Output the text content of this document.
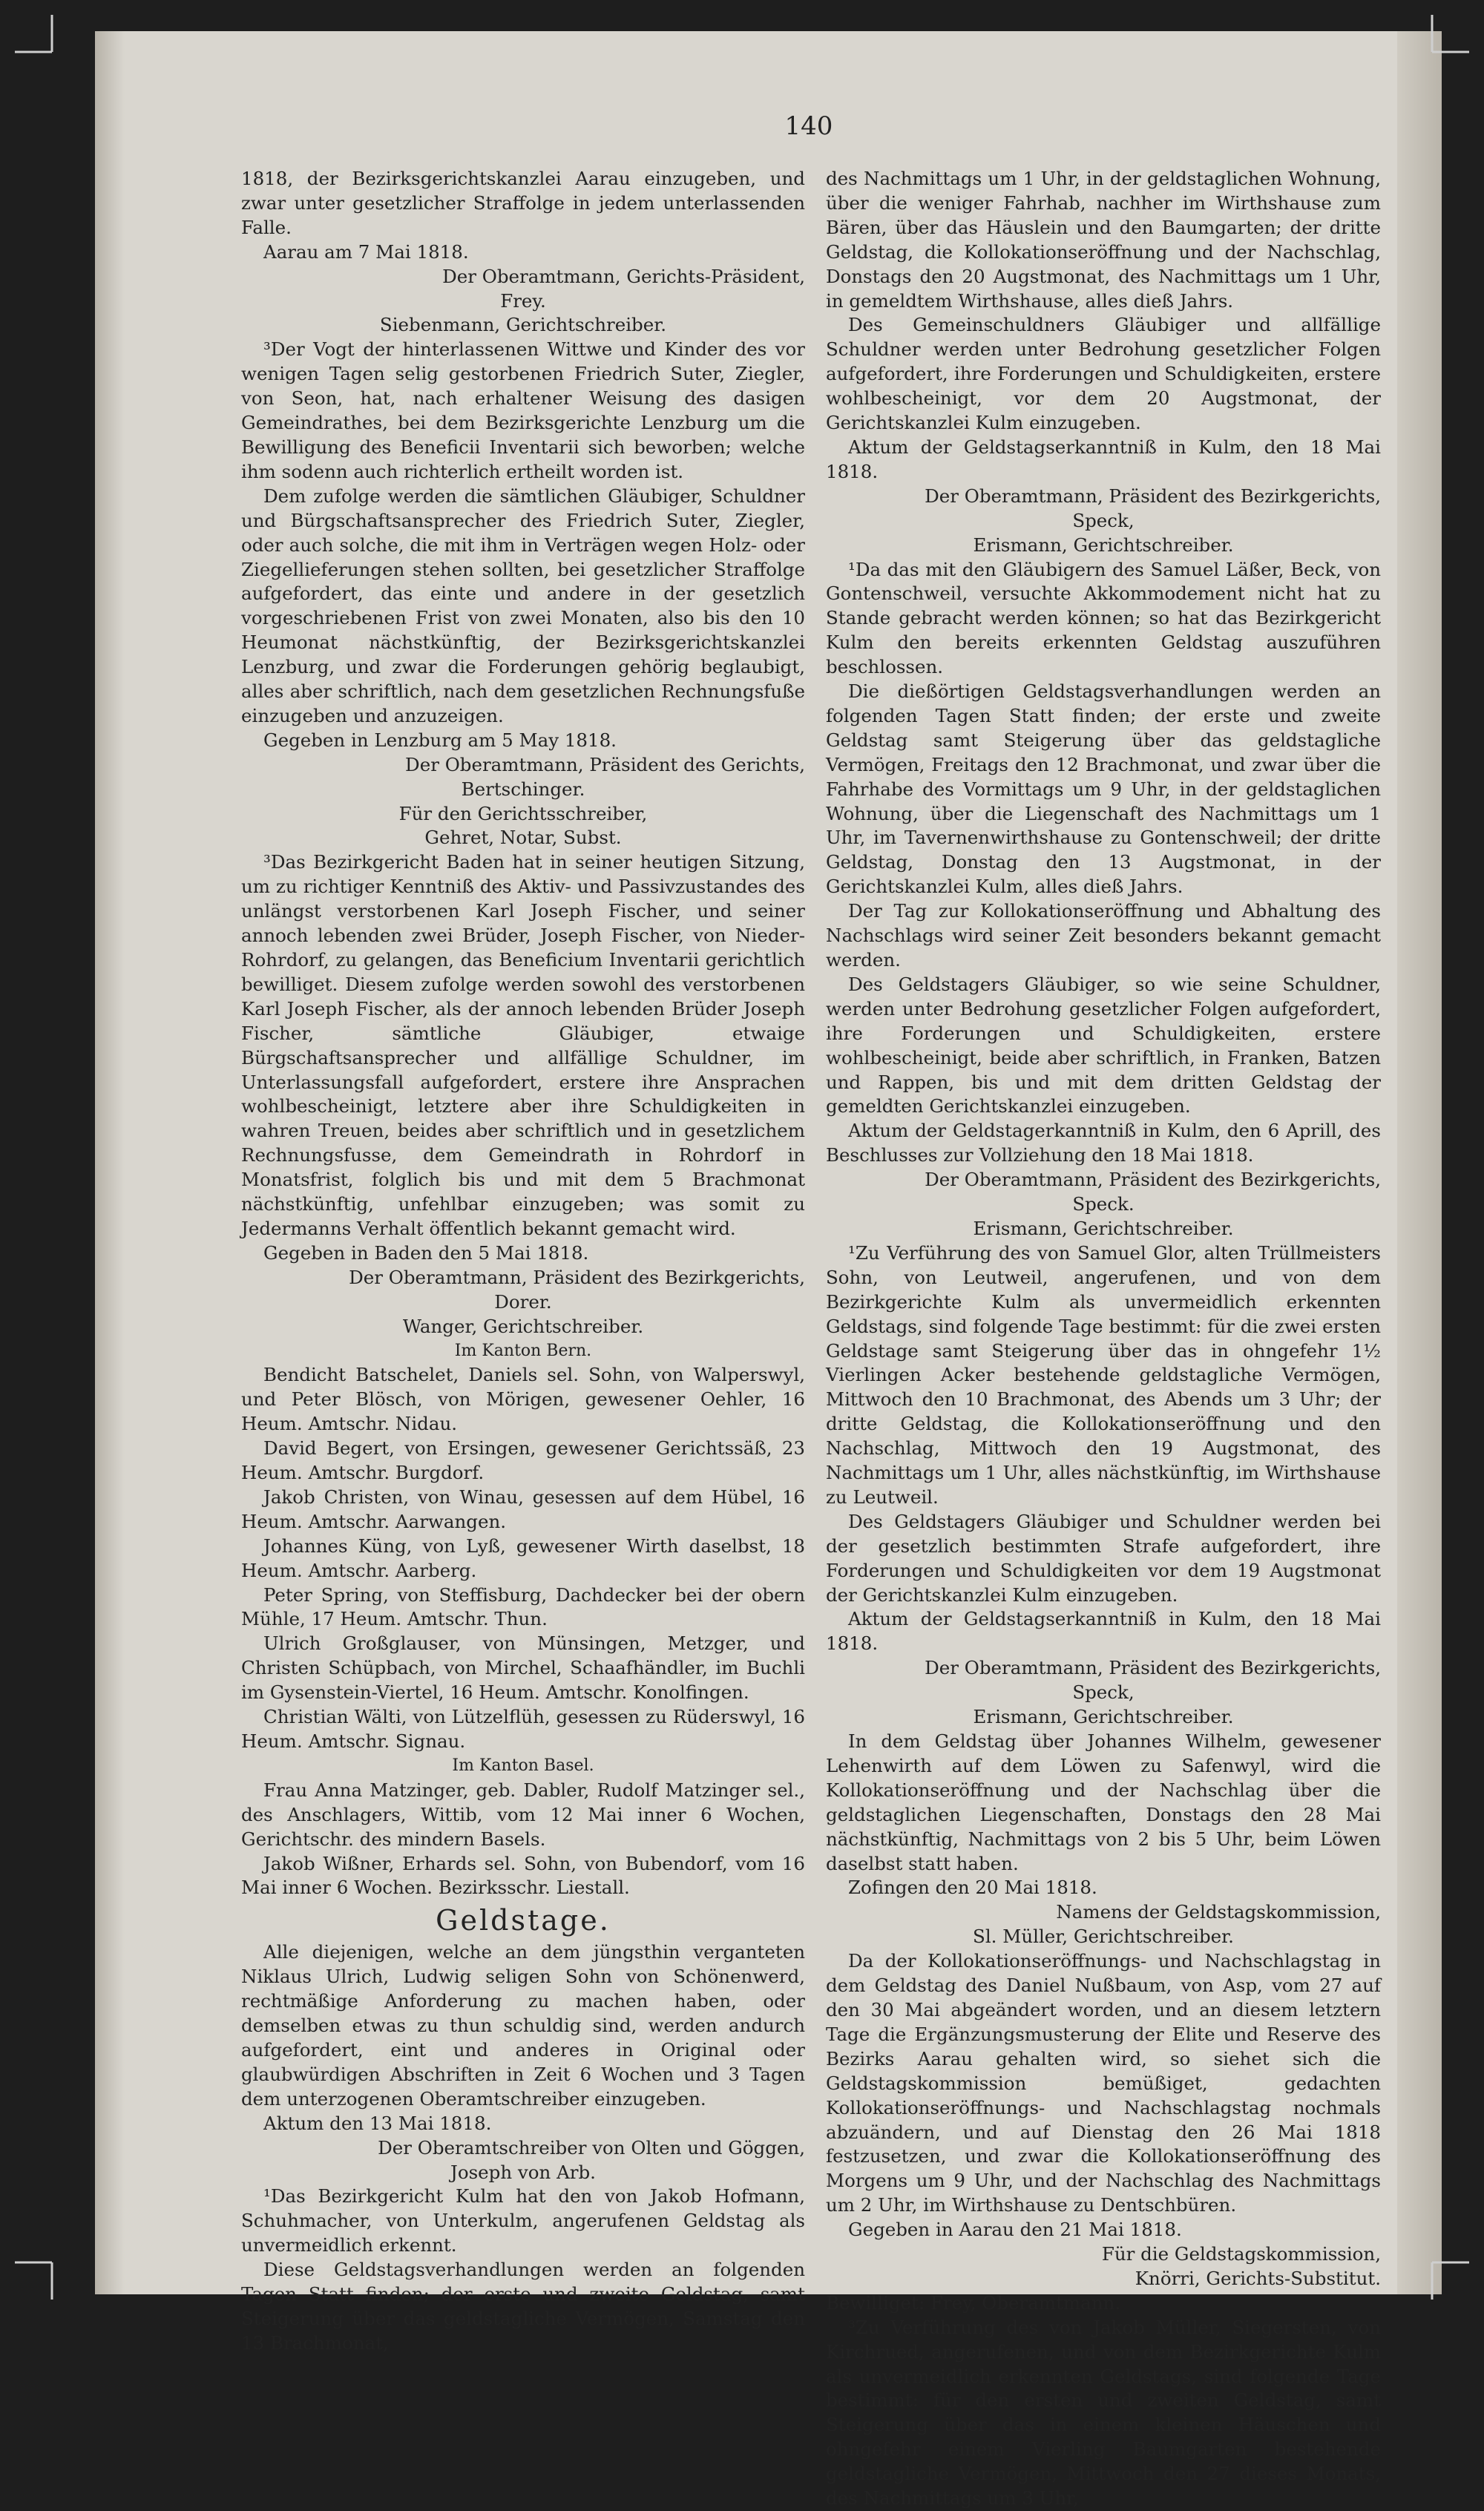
140

1818, der Bezirksgerichtskanzlei Aarau einzugeben, und zwar unter gesetzlicher Straffolge in jedem unterlassenden Falle.

Aarau am 7 Mai 1818.

Der Oberamtmann, Gerichts-Präsident,

Frey.

Siebenmann, Gerichtschreiber.

³Der Vogt der hinterlassenen Wittwe und Kinder des vor wenigen Tagen selig gestorbenen Friedrich Suter, Ziegler, von Seon, hat, nach erhaltener Weisung des dasigen Gemeindrathes, bei dem Bezirksgerichte Lenzburg um die Bewilligung des Beneficii Inventarii sich beworben; welche ihm sodenn auch richterlich ertheilt worden ist.

Dem zufolge werden die sämtlichen Gläubiger, Schuldner und Bürgschaftsansprecher des Friedrich Suter, Ziegler, oder auch solche, die mit ihm in Verträgen wegen Holz- oder Ziegellieferungen stehen sollten, bei gesetzlicher Straffolge aufgefordert, das einte und andere in der gesetzlich vorgeschriebenen Frist von zwei Monaten, also bis den 10 Heumonat nächstkünftig, der Bezirksgerichtskanzlei Lenzburg, und zwar die Forderungen gehörig beglaubigt, alles aber schriftlich, nach dem gesetzlichen Rechnungsfuße einzugeben und anzuzeigen.

Gegeben in Lenzburg am 5 May 1818.

Der Oberamtmann, Präsident des Gerichts,

Bertschinger.

Für den Gerichtsschreiber,

Gehret, Notar, Subst.

³Das Bezirkgericht Baden hat in seiner heutigen Sitzung, um zu richtiger Kenntniß des Aktiv- und Passivzustandes des unlängst verstorbenen Karl Joseph Fischer, und seiner annoch lebenden zwei Brüder, Joseph Fischer, von Nieder-Rohrdorf, zu gelangen, das Beneficium Inventarii gerichtlich bewilliget. Diesem zufolge werden sowohl des verstorbenen Karl Joseph Fischer, als der annoch lebenden Brüder Joseph Fischer, sämtliche Gläubiger, etwaige Bürgschaftsansprecher und allfällige Schuldner, im Unterlassungsfall aufgefordert, erstere ihre Ansprachen wohlbescheinigt, letztere aber ihre Schuldigkeiten in wahren Treuen, beides aber schriftlich und in gesetzlichem Rechnungsfusse, dem Gemeindrath in Rohrdorf in Monatsfrist, folglich bis und mit dem 5 Brachmonat nächstkünftig, unfehlbar einzugeben; was somit zu Jedermanns Verhalt öffentlich bekannt gemacht wird.

Gegeben in Baden den 5 Mai 1818.

Der Oberamtmann, Präsident des Bezirkgerichts,

Dorer.

Wanger, Gerichtschreiber.

Im Kanton Bern.

Bendicht Batschelet, Daniels sel. Sohn, von Walperswyl, und Peter Blösch, von Mörigen, gewesener Oehler, 16 Heum. Amtschr. Nidau.

David Begert, von Ersingen, gewesener Gerichtssäß, 23 Heum. Amtschr. Burgdorf.

Jakob Christen, von Winau, gesessen auf dem Hübel, 16 Heum. Amtschr. Aarwangen.

Johannes Küng, von Lyß, gewesener Wirth daselbst, 18 Heum. Amtschr. Aarberg.

Peter Spring, von Steffisburg, Dachdecker bei der obern Mühle, 17 Heum. Amtschr. Thun.

Ulrich Großglauser, von Münsingen, Metzger, und Christen Schüpbach, von Mirchel, Schaafhändler, im Buchli im Gysenstein-Viertel, 16 Heum. Amtschr. Konolfingen.

Christian Wälti, von Lützelflüh, gesessen zu Rüderswyl, 16 Heum. Amtschr. Signau.

Im Kanton Basel.

Frau Anna Matzinger, geb. Dabler, Rudolf Matzinger sel., des Anschlagers, Wittib, vom 12 Mai inner 6 Wochen, Gerichtschr. des mindern Basels.

Jakob Wißner, Erhards sel. Sohn, von Bubendorf, vom 16 Mai inner 6 Wochen. Bezirksschr. Liestall.

Geldstage.

Alle diejenigen, welche an dem jüngsthin verganteten Niklaus Ulrich, Ludwig seligen Sohn von Schönenwerd, rechtmäßige Anforderung zu machen haben, oder demselben etwas zu thun schuldig sind, werden andurch aufgefordert, eint und anderes in Original oder glaubwürdigen Abschriften in Zeit 6 Wochen und 3 Tagen dem unterzogenen Oberamtschreiber einzugeben.

Aktum den 13 Mai 1818.

Der Oberamtschreiber von Olten und Göggen,

Joseph von Arb.

¹Das Bezirkgericht Kulm hat den von Jakob Hofmann, Schuhmacher, von Unterkulm, angerufenen Geldstag als unvermeidlich erkennt.

Diese Geldstagsverhandlungen werden an folgenden Tagen Statt finden; der erste und zweite Geldstag, samt Steigerung über das geldstagliche Vermögen, Samstag den 13 Brachmonat,

des Nachmittags um 1 Uhr, in der geldstaglichen Wohnung, über die weniger Fahrhab, nachher im Wirthshause zum Bären, über das Häuslein und den Baumgarten; der dritte Geldstag, die Kollokationseröffnung und der Nachschlag, Donstags den 20 Augstmonat, des Nachmittags um 1 Uhr, in gemeldtem Wirthshause, alles dieß Jahrs.

Des Gemeinschuldners Gläubiger und allfällige Schuldner werden unter Bedrohung gesetzlicher Folgen aufgefordert, ihre Forderungen und Schuldigkeiten, erstere wohlbescheinigt, vor dem 20 Augstmonat, der Gerichtskanzlei Kulm einzugeben.

Aktum der Geldstagserkanntniß in Kulm, den 18 Mai 1818.

Der Oberamtmann, Präsident des Bezirkgerichts,

Speck,

Erismann, Gerichtschreiber.

¹Da das mit den Gläubigern des Samuel Läßer, Beck, von Gontenschweil, versuchte Akkommodement nicht hat zu Stande gebracht werden können; so hat das Bezirkgericht Kulm den bereits erkennten Geldstag auszuführen beschlossen.

Die dießörtigen Geldstagsverhandlungen werden an folgenden Tagen Statt finden; der erste und zweite Geldstag samt Steigerung über das geldstagliche Vermögen, Freitags den 12 Brachmonat, und zwar über die Fahrhabe des Vormittags um 9 Uhr, in der geldstaglichen Wohnung, über die Liegenschaft des Nachmittags um 1 Uhr, im Tavernenwirthshause zu Gontenschweil; der dritte Geldstag, Donstag den 13 Augstmonat, in der Gerichtskanzlei Kulm, alles dieß Jahrs.

Der Tag zur Kollokationseröffnung und Abhaltung des Nachschlags wird seiner Zeit besonders bekannt gemacht werden.

Des Geldstagers Gläubiger, so wie seine Schuldner, werden unter Bedrohung gesetzlicher Folgen aufgefordert, ihre Forderungen und Schuldigkeiten, erstere wohlbescheinigt, beide aber schriftlich, in Franken, Batzen und Rappen, bis und mit dem dritten Geldstag der gemeldten Gerichtskanzlei einzugeben.

Aktum der Geldstagerkanntniß in Kulm, den 6 Aprill, des Beschlusses zur Vollziehung den 18 Mai 1818.

Der Oberamtmann, Präsident des Bezirkgerichts,

Speck.

Erismann, Gerichtschreiber.

¹Zu Verführung des von Samuel Glor, alten Trüllmeisters Sohn, von Leutweil, angerufenen, und von dem Bezirkgerichte Kulm als unvermeidlich erkennten Geldstags, sind folgende Tage bestimmt: für die zwei ersten Geldstage samt Steigerung über das in ohngefehr 1½ Vierlingen Acker bestehende geldstagliche Vermögen, Mittwoch den 10 Brachmonat, des Abends um 3 Uhr; der dritte Geldstag, die Kollokationseröffnung und den Nachschlag, Mittwoch den 19 Augstmonat, des Nachmittags um 1 Uhr, alles nächstkünftig, im Wirthshause zu Leutweil.

Des Geldstagers Gläubiger und Schuldner werden bei der gesetzlich bestimmten Strafe aufgefordert, ihre Forderungen und Schuldigkeiten vor dem 19 Augstmonat der Gerichtskanzlei Kulm einzugeben.

Aktum der Geldstagserkanntniß in Kulm, den 18 Mai 1818.

Der Oberamtmann, Präsident des Bezirkgerichts,

Speck,

Erismann, Gerichtschreiber.

In dem Geldstag über Johannes Wilhelm, gewesener Lehenwirth auf dem Löwen zu Safenwyl, wird die Kollokationseröffnung und der Nachschlag über die geldstaglichen Liegenschaften, Donstags den 28 Mai nächstkünftig, Nachmittags von 2 bis 5 Uhr, beim Löwen daselbst statt haben.

Zofingen den 20 Mai 1818.

Namens der Geldstagskommission,

Sl. Müller, Gerichtschreiber.

Da der Kollokationseröffnungs- und Nachschlagstag in dem Geldstag des Daniel Nußbaum, von Asp, vom 27 auf den 30 Mai abgeändert worden, und an diesem letztern Tage die Ergänzungsmusterung der Elite und Reserve des Bezirks Aarau gehalten wird, so siehet sich die Geldstagskommission bemüßiget, gedachten Kollokationseröffnungs- und Nachschlagstag nochmals abzuändern, und auf Dienstag den 26 Mai 1818 festzusetzen, und zwar die Kollokationseröffnung des Morgens um 9 Uhr, und der Nachschlag des Nachmittags um 2 Uhr, im Wirthshause zu Dentschbüren.

Gegeben in Aarau den 21 Mai 1818.

Für die Geldstagskommission,

Knörri, Gerichts-Substitut.

Bewilliget: Frey, Oberamtmann.

³Zu Verführung des von Jakob Müller, Siegersten, von Kirchrued, angerufenen, und von dem Bezirkgerichte Kulm als unvermeidlich erkennten Geldstags, sind folgende Tage bestimmt: für den ersten und zweiten Geldstag, samt Steigerung über das in einem kleinen Häuschen und ohngefehr einem Vierling Baumgarten bestehende geldstagliche Vermögen, Mittwoch den 27 dieses Monats, des Nachmittags um 3 Uhr,
